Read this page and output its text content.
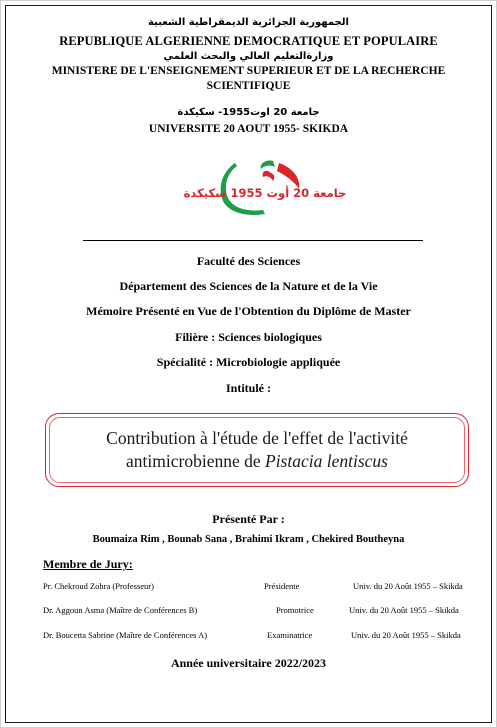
الجمهورية الجزائرية الديمقراطية الشعبية
REPUBLIQUE ALGERIENNE DEMOCRATIQUE ET POPULAIRE
وزارةالتعليم العالي والبحث العلمي
MINISTERE DE L'ENSEIGNEMENT SUPERIEUR ET DE LA RECHERCHE
SCIENTIFIQUE
جامعة 20 اوت1955- سكيكدة
UNIVERSITE 20 AOUT 1955- SKIKDA
جامعة 20 أوت 1955 سكيكدة
Faculté des Sciences
Département des Sciences de la Nature et de la Vie
Mémoire Présenté en Vue de l'Obtention du Diplôme de Master
Filière : Sciences biologiques
Spécialité : Microbiologie appliquée
Intitulé :
Contribution à l'étude de l'effet de l'activité
antimicrobienne de Pistacia lentiscus
Présenté Par :
Boumaiza Rim , Bounab Sana , Brahimi Ikram , Chekired Boutheyna
Membre de Jury:
Pr. Chekroud Zohra (Professeur)	Présidente	Univ. du 20 Août 1955 – Skikda
Dr. Aggoun Asma (Maître de Conférences B)	Promotrice	Univ. du 20 Août 1955 – Skikda
Dr. Boucetta Sabrine (Maître de Conférences A)	Examinatrice	Univ. du 20 Août 1955 – Skikda
Année universitaire 2022/2023
